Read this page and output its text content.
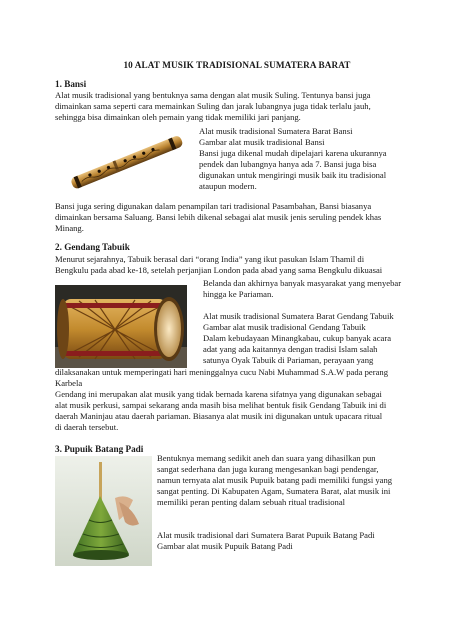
10 ALAT MUSIK TRADISIONAL SUMATERA BARAT
1. Bansi
Alat musik tradisional yang bentuknya sama dengan alat musik Suling. Tentunya bansi juga
dimainkan sama seperti cara memainkan Suling dan jarak lubangnya juga tidak terlalu jauh,
sehingga bisa dimainkan oleh pemain yang tidak memiliki jari panjang.
Alat musik tradisional Sumatera Barat Bansi
Gambar alat musik tradisional Bansi
Bansi juga dikenal mudah dipelajari karena ukurannya
pendek dan lubangnya hanya ada 7. Bansi juga bisa
digunakan untuk mengiringi musik baik itu tradisional
ataupun modern.
Bansi juga sering digunakan dalam penampilan tari tradisional Pasambahan, Bansi biasanya
dimainkan bersama Saluang. Bansi lebih dikenal sebagai alat musik jenis seruling pendek khas
Minang.
2. Gendang Tabuik
Menurut sejarahnya, Tabuik berasal dari “orang India” yang ikut pasukan Islam Thamil di
Bengkulu pada abad ke-18, setelah perjanjian London pada abad yang sama Bengkulu dikuasai
Belanda dan akhirnya banyak masyarakat yang menyebar
hingga ke Pariaman.
Alat musik tradisional Sumatera Barat Gendang Tabuik
Gambar alat musik tradisional Gendang Tabuik
Dalam kebudayaan Minangkabau, cukup banyak acara
adat yang ada kaitannya dengan tradisi Islam salah
satunya Oyak Tabuik di Pariaman, perayaan yang
dilaksanakan untuk memperingati hari meninggalnya cucu Nabi Muhammad S.A.W pada perang
Karbela
Gendang ini merupakan alat musik yang tidak bernada karena sifatnya yang digunakan sebagai
alat musik perkusi, sampai sekarang anda masih bisa melihat bentuk fisik Gendang Tabuik ini di
daerah Maninjau atau daerah pariaman. Biasanya alat musik ini digunakan untuk upacara ritual
di daerah tersebut.
3. Pupuik Batang Padi
Bentuknya memang sedikit aneh dan suara yang dihasilkan pun
sangat sederhana dan juga kurang mengesankan bagi pendengar,
namun ternyata alat musik Pupuik batang padi memiliki fungsi yang
sangat penting. Di Kabupaten Agam, Sumatera Barat, alat musik ini
memiliki peran penting dalam sebuah ritual tradisional
Alat musik tradisional dari Sumatera Barat Pupuik Batang Padi
Gambar alat musik Pupuik Batang Padi
